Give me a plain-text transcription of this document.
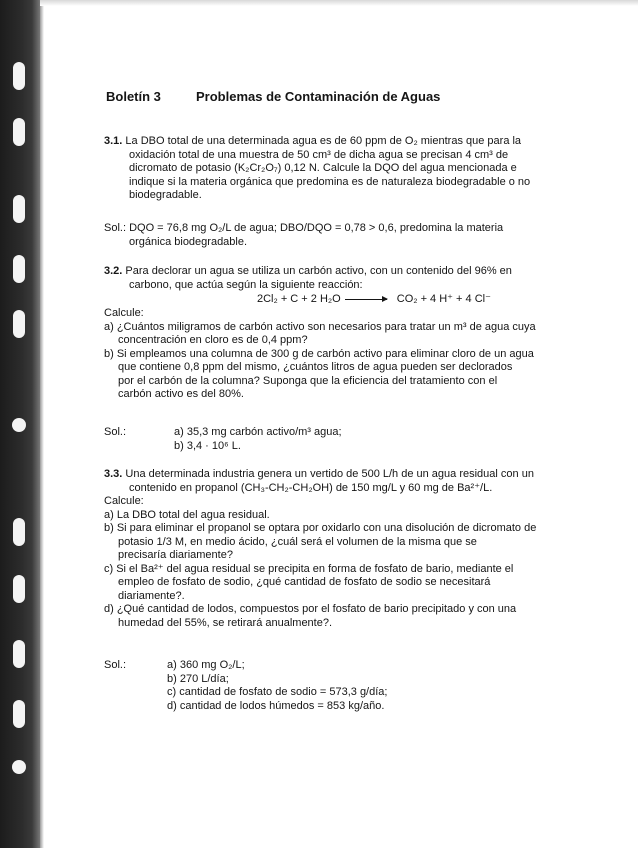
Boletín 3	Problemas de Contaminación de Aguas
3.1. La DBO total de una determinada agua es de 60 ppm de O₂ mientras que para la
oxidación total de una muestra de 50 cm³ de dicha agua se precisan 4 cm³ de
dicromato de potasio (K₂Cr₂O₇) 0,12 N. Calcule la DQO del agua mencionada e
indique si la materia orgánica que predomina es de naturaleza biodegradable o no
biodegradable.
Sol.: DQO = 76,8 mg O₂/L de agua; DBO/DQO = 0,78 > 0,6, predomina la materia
orgánica biodegradable.
3.2. Para declorar un agua se utiliza un carbón activo, con un contenido del 96% en
carbono, que actúa según la siguiente reacción:
2Cl₂ + C + 2 H₂O → CO₂ + 4 H⁺ + 4 Cl⁻
Calcule:
a) ¿Cuántos miligramos de carbón activo son necesarios para tratar un m³ de agua cuya
concentración en cloro es de 0,4 ppm?
b) Si empleamos una columna de 300 g de carbón activo para eliminar cloro de un agua
que contiene 0,8 ppm del mismo, ¿cuántos litros de agua pueden ser declorados
por el carbón de la columna? Suponga que la eficiencia del tratamiento con el
carbón activo es del 80%.
Sol.:	a) 35,3 mg carbón activo/m³ agua;
b) 3,4 · 10⁶ L.
3.3. Una determinada industria genera un vertido de 500 L/h de un agua residual con un
contenido en propanol (CH₃-CH₂-CH₂OH) de 150 mg/L y 60 mg de Ba²⁺/L.
Calcule:
a) La DBO total del agua residual.
b) Si para eliminar el propanol se optara por oxidarlo con una disolución de dicromato de
potasio 1/3 M, en medio ácido, ¿cuál será el volumen de la misma que se
precisaría diariamente?
c) Si el Ba²⁺ del agua residual se precipita en forma de fosfato de bario, mediante el
empleo de fosfato de sodio, ¿qué cantidad de fosfato de sodio se necesitará
diariamente?.
d) ¿Qué cantidad de lodos, compuestos por el fosfato de bario precipitado y con una
humedad del 55%, se retirará anualmente?.
Sol.:	a) 360 mg O₂/L;
b) 270 L/día;
c) cantidad de fosfato de sodio = 573,3 g/día;
d) cantidad de lodos húmedos = 853 kg/año.
